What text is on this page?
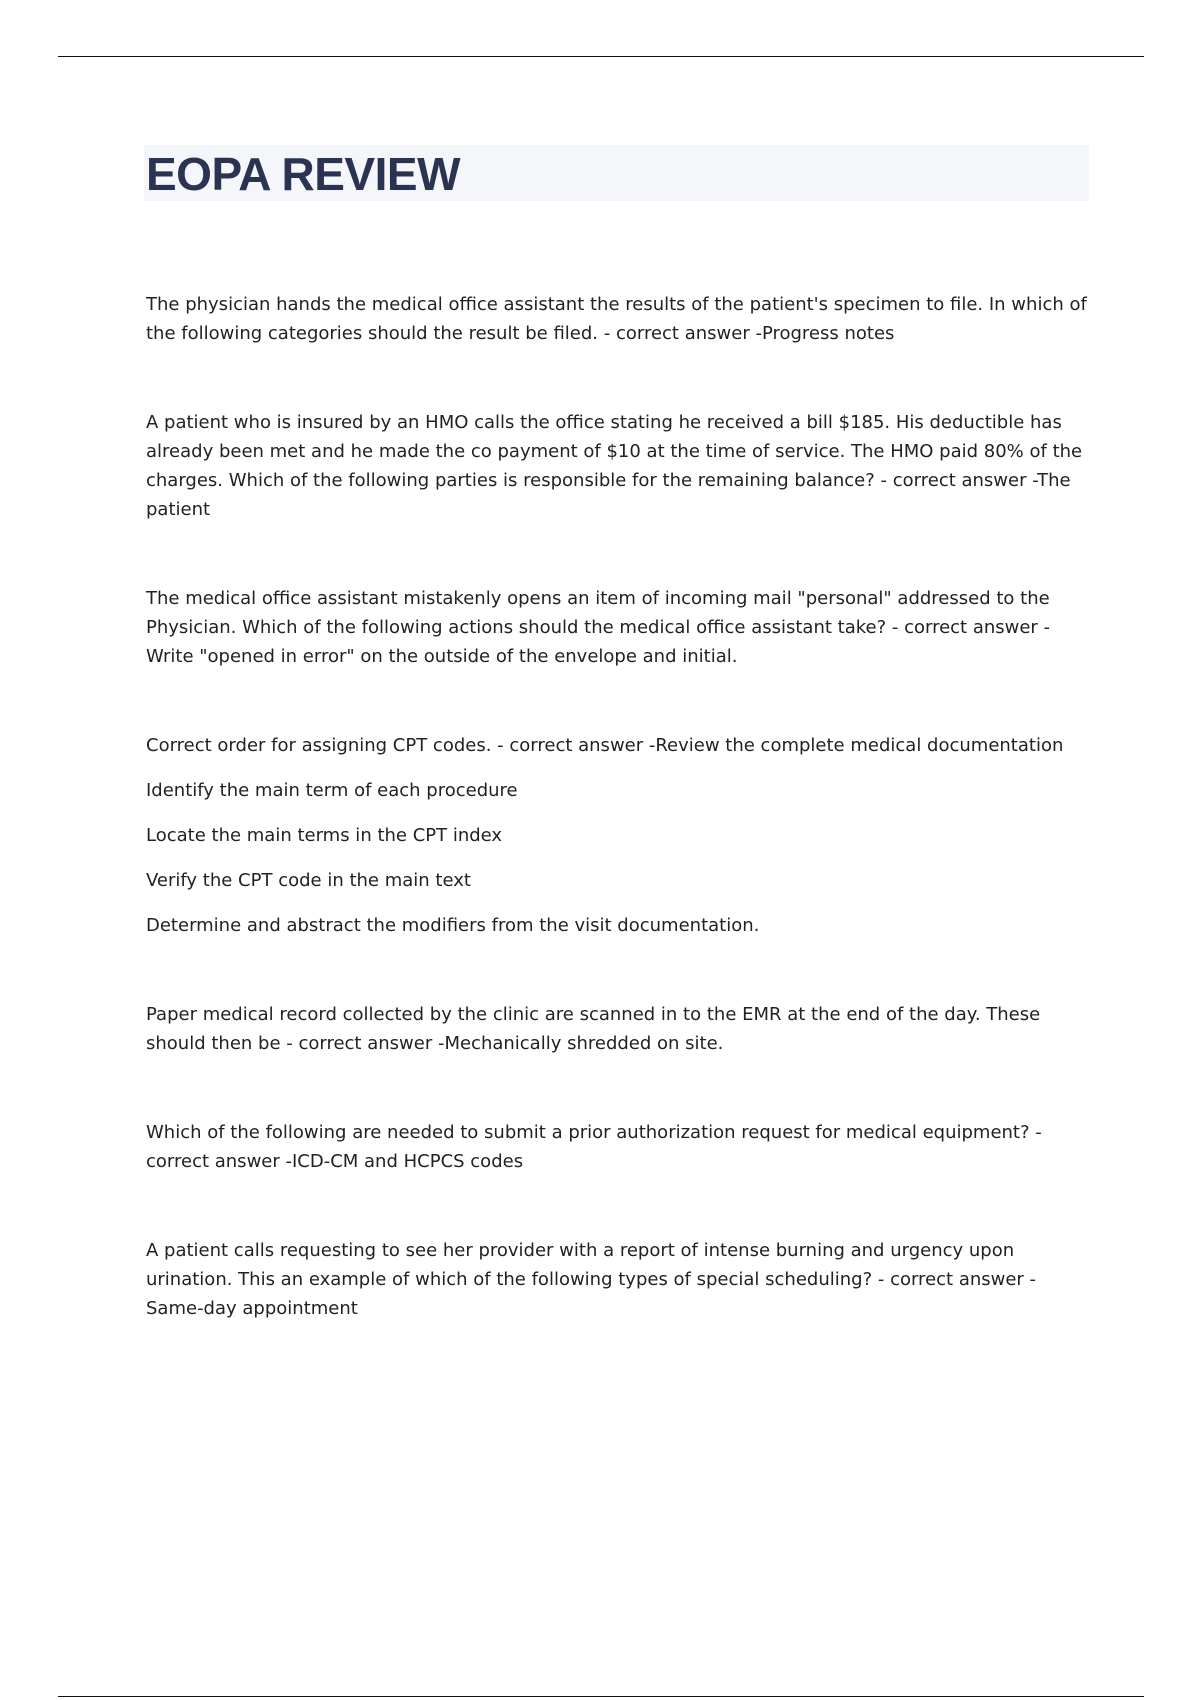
EOPA REVIEW

The physician hands the medical office assistant the results of the patient's specimen to file. In which of the following categories should the result be filed. - correct answer -Progress notes

A patient who is insured by an HMO calls the office stating he received a bill $185. His deductible has already been met and he made the co payment of $10 at the time of service. The HMO paid 80% of the charges. Which of the following parties is responsible for the remaining balance? - correct answer -The patient

The medical office assistant mistakenly opens an item of incoming mail "personal" addressed to the Physician. Which of the following actions should the medical office assistant take? - correct answer -Write "opened in error" on the outside of the envelope and initial.

Correct order for assigning CPT codes. - correct answer -Review the complete medical documentation

Identify the main term of each procedure

Locate the main terms in the CPT index

Verify the CPT code in the main text

Determine and abstract the modifiers from the visit documentation.

Paper medical record collected by the clinic are scanned in to the EMR at the end of the day. These should then be - correct answer -Mechanically shredded on site.

Which of the following are needed to submit a prior authorization request for medical equipment? - correct answer -ICD-CM and HCPCS codes

A patient calls requesting to see her provider with a report of intense burning and urgency upon urination. This an example of which of the following types of special scheduling? - correct answer -Same-day appointment
